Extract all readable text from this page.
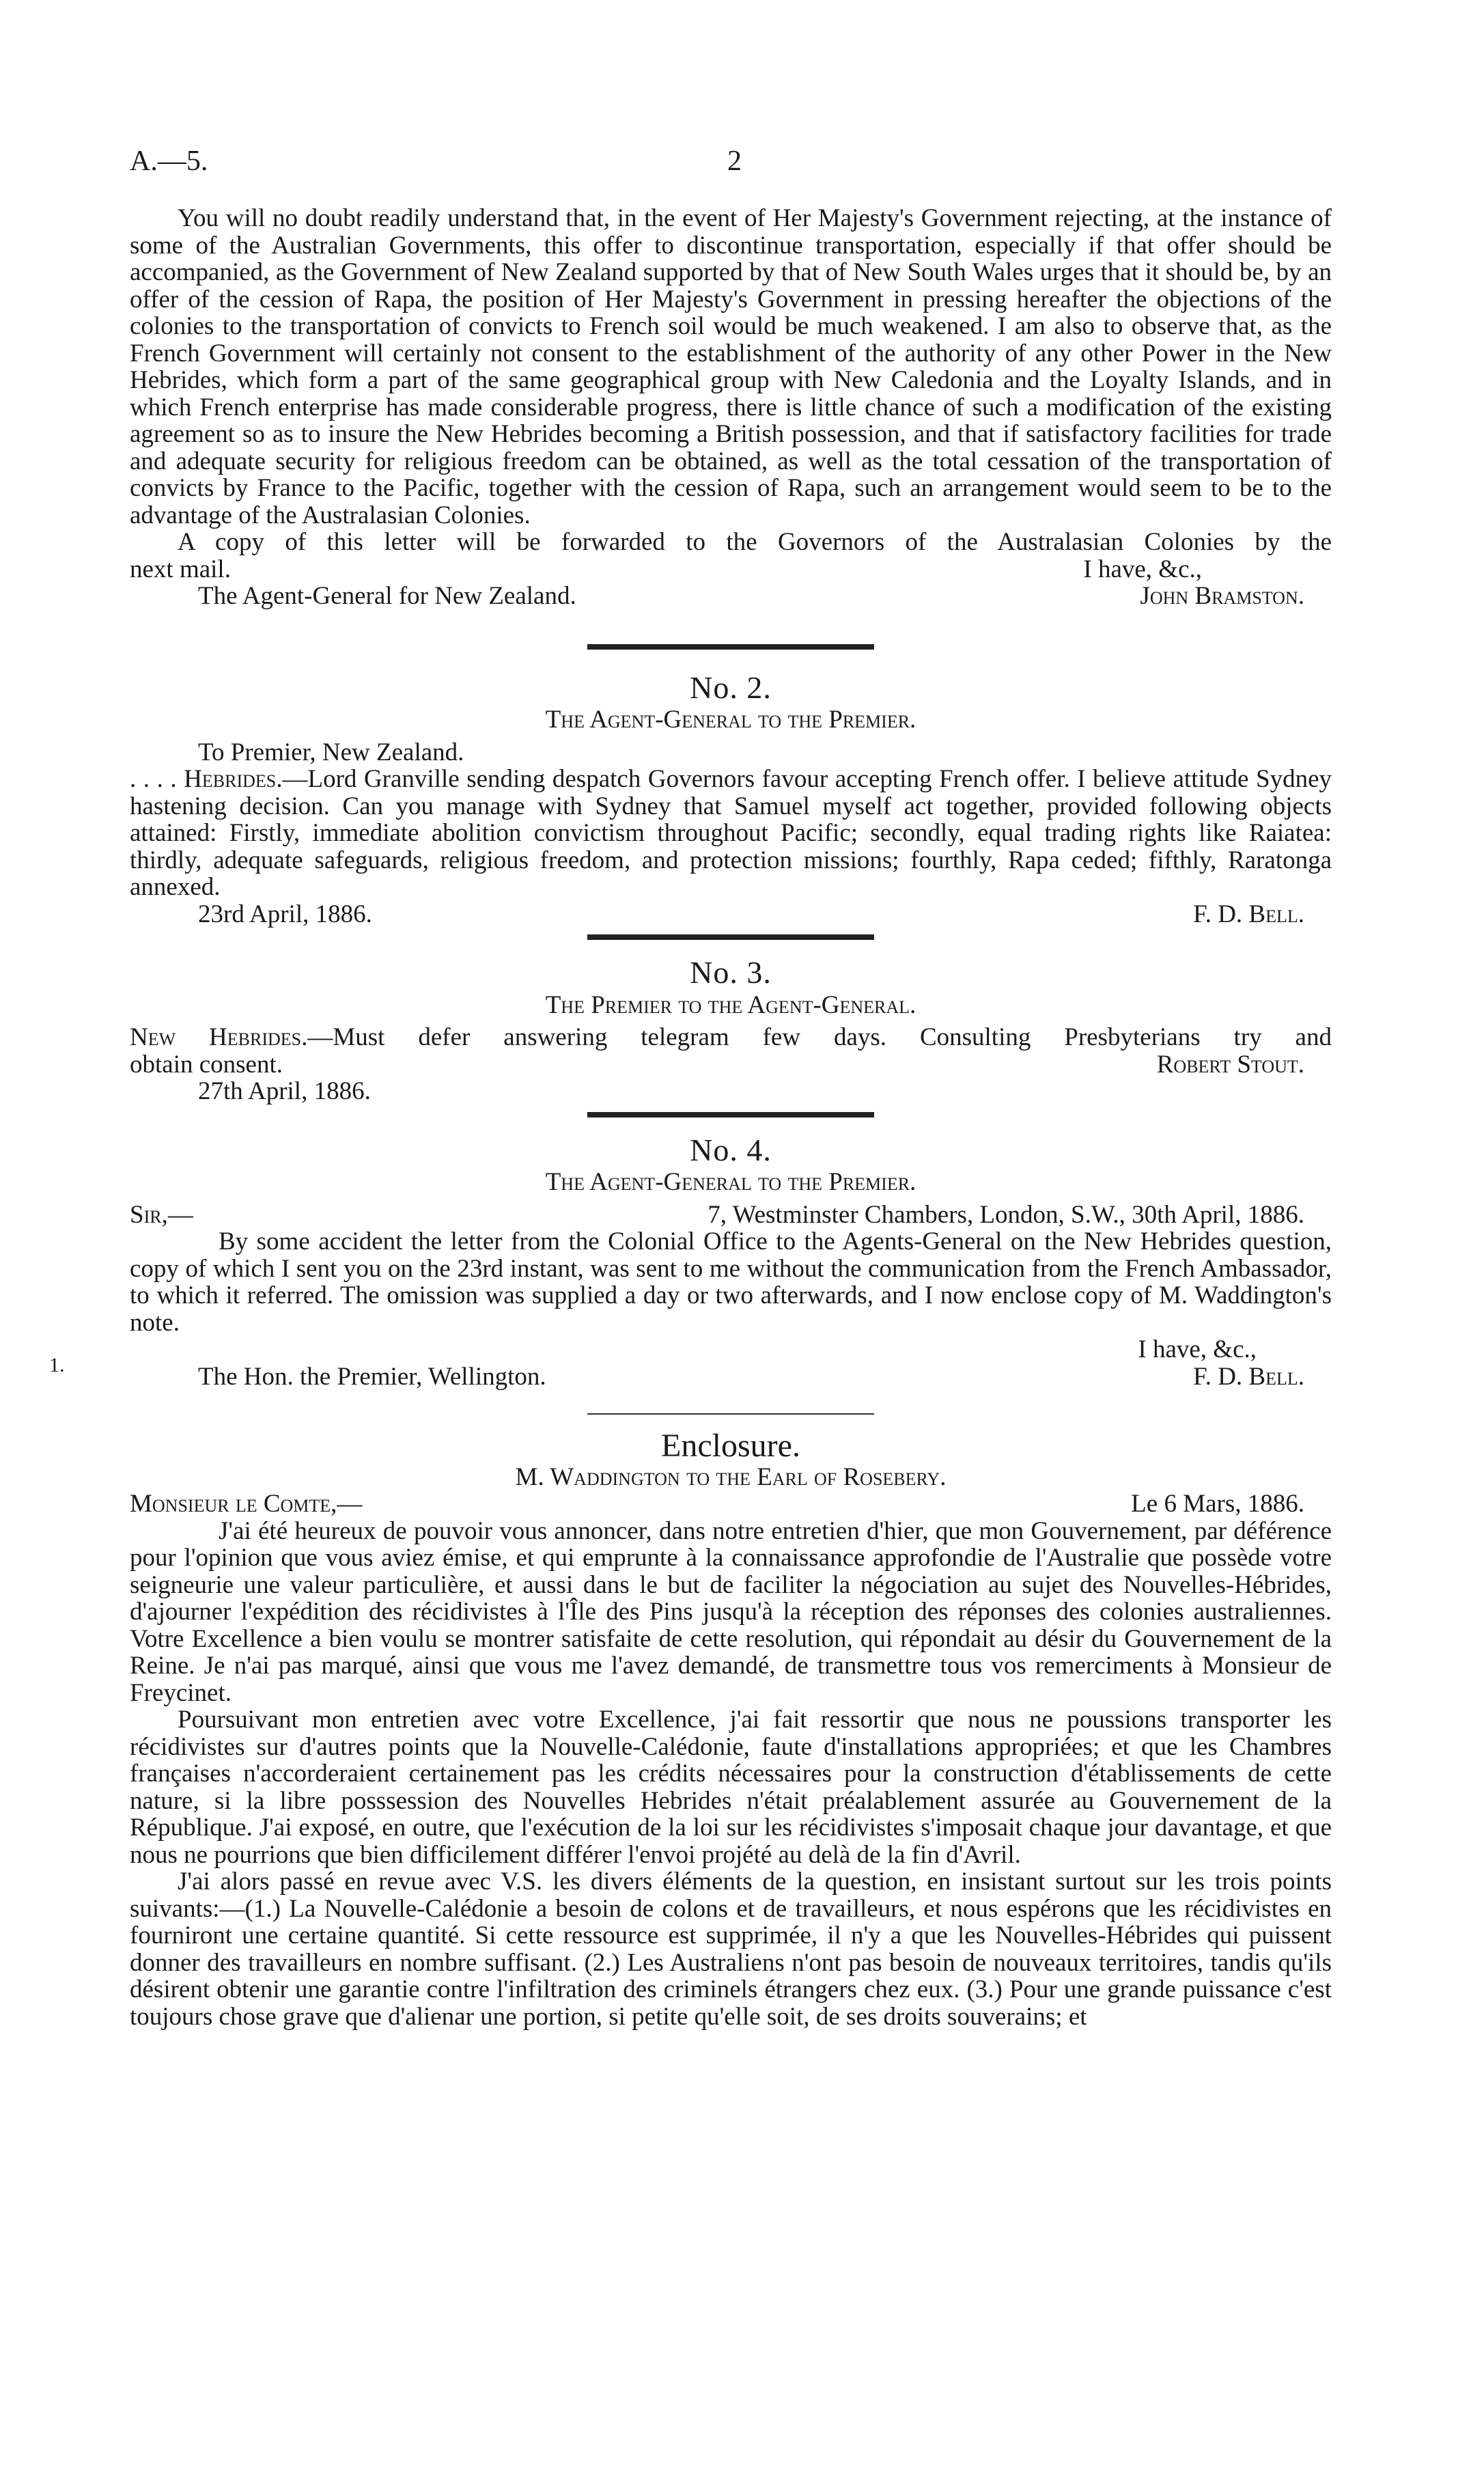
A.—5.	2
1.

You will no doubt readily understand that, in the event of Her Majesty's Government rejecting, at the instance of some of the Australian Governments, this offer to discontinue transportation, especially if that offer should be accompanied, as the Government of New Zealand supported by that of New South Wales urges that it should be, by an offer of the cession of Rapa, the position of Her Majesty's Government in pressing hereafter the objections of the colonies to the transportation of convicts to French soil would be much weakened. I am also to observe that, as the French Government will certainly not consent to the establishment of the authority of any other Power in the New Hebrides, which form a part of the same geographical group with New Caledonia and the Loyalty Islands, and in which French enterprise has made considerable progress, there is little chance of such a modification of the existing agreement so as to insure the New Hebrides becoming a British possession, and that if satisfactory facilities for trade and adequate security for religious freedom can be obtained, as well as the total cessation of the transportation of convicts by France to the Pacific, together with the cession of Rapa, such an arrangement would seem to be to the advantage of the Australasian Colonies.

A copy of this letter will be forwarded to the Governors of the Australasian Colonies by the

next mail.	I have, &c.,
The Agent-General for New Zealand.	John Bramston.
No. 2.
The Agent-General to the Premier.
To Premier, New Zealand.

. . . . Hebrides.—Lord Granville sending despatch Governors favour accepting French offer. I believe attitude Sydney hastening decision. Can you manage with Sydney that Samuel myself act together, provided following objects attained: Firstly, immediate abolition convictism throughout Pacific; secondly, equal trading rights like Raiatea: thirdly, adequate safeguards, religious freedom, and protection missions; fourthly, Rapa ceded; fifthly, Raratonga annexed.

23rd April, 1886.	F. D. Bell.
No. 3.
The Premier to the Agent-General.

New Hebrides.—Must defer answering telegram few days. Consulting Presbyterians try and

obtain consent.	Robert Stout.
27th April, 1886.
No. 4.
The Agent-General to the Premier.
Sir,—	7, Westminster Chambers, London, S.W., 30th April, 1886.

By some accident the letter from the Colonial Office to the Agents-General on the New Hebrides question, copy of which I sent you on the 23rd instant, was sent to me without the communication from the French Ambassador, to which it referred. The omission was supplied a day or two afterwards, and I now enclose copy of M. Waddington's note.

I have, &c.,
The Hon. the Premier, Wellington.	F. D. Bell.
Enclosure.
M. Waddington to the Earl of Rosebery.
Monsieur le Comte,—	Le 6 Mars, 1886.

J'ai été heureux de pouvoir vous annoncer, dans notre entretien d'hier, que mon Gouvernement, par déférence pour l'opinion que vous aviez émise, et qui emprunte à la connaissance approfondie de l'Australie que possède votre seigneurie une valeur particulière, et aussi dans le but de faciliter la négociation au sujet des Nouvelles-Hébrides, d'ajourner l'expédition des récidivistes à l'Île des Pins jusqu'à la réception des réponses des colonies australiennes. Votre Excellence a bien voulu se montrer satisfaite de cette resolution, qui répondait au désir du Gouvernement de la Reine. Je n'ai pas marqué, ainsi que vous me l'avez demandé, de transmettre tous vos remerciments à Monsieur de Freycinet.

Poursuivant mon entretien avec votre Excellence, j'ai fait ressortir que nous ne poussions transporter les récidivistes sur d'autres points que la Nouvelle-Calédonie, faute d'installations appropriées; et que les Chambres françaises n'accorderaient certainement pas les crédits nécessaires pour la construction d'établissements de cette nature, si la libre posssession des Nouvelles Hebrides n'était préalablement assurée au Gouvernement de la République. J'ai exposé, en outre, que l'exécution de la loi sur les récidivistes s'imposait chaque jour davantage, et que nous ne pourrions que bien difficilement différer l'envoi projété au delà de la fin d'Avril.

J'ai alors passé en revue avec V.S. les divers éléments de la question, en insistant surtout sur les trois points suivants:—(1.) La Nouvelle-Calédonie a besoin de colons et de travailleurs, et nous espérons que les récidivistes en fourniront une certaine quantité. Si cette ressource est supprimée, il n'y a que les Nouvelles-Hébrides qui puissent donner des travailleurs en nombre suffisant. (2.) Les Australiens n'ont pas besoin de nouveaux territoires, tandis qu'ils désirent obtenir une garantie contre l'infiltration des criminels étrangers chez eux. (3.) Pour une grande puissance c'est toujours chose grave que d'alienar une portion, si petite qu'elle soit, de ses droits souverains; et
